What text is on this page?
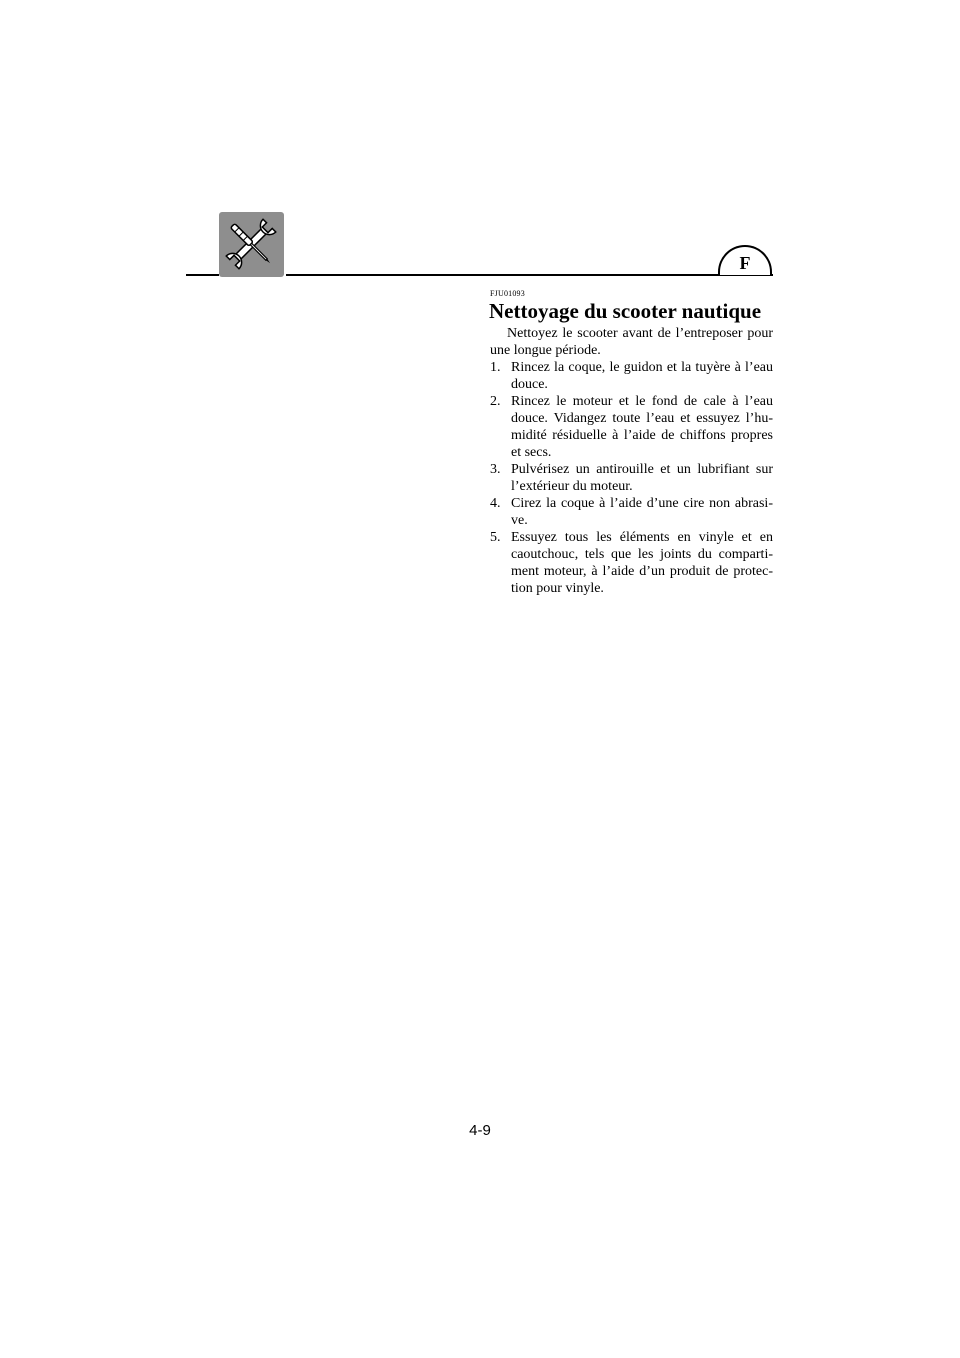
F
FJU01093
Nettoyage du scooter nautique

Nettoyez le scooter avant de l’entreposer pour une longue période.

1. Rincez la coque, le guidon et la tuyère à l’eau douce.
2. Rincez le moteur et le fond de cale à l’eau douce. Vidangez toute l’eau et essuyez l’hu-midité résiduelle à l’aide de chiffons propres et secs.
3. Pulvérisez un antirouille et un lubrifiant sur l’extérieur du moteur.
4. Cirez la coque à l’aide d’une cire non abrasi-ve.
5. Essuyez tous les éléments en vinyle et en caoutchouc, tels que les joints du comparti-ment moteur, à l’aide d’un produit de protec-tion pour vinyle.
4-9
